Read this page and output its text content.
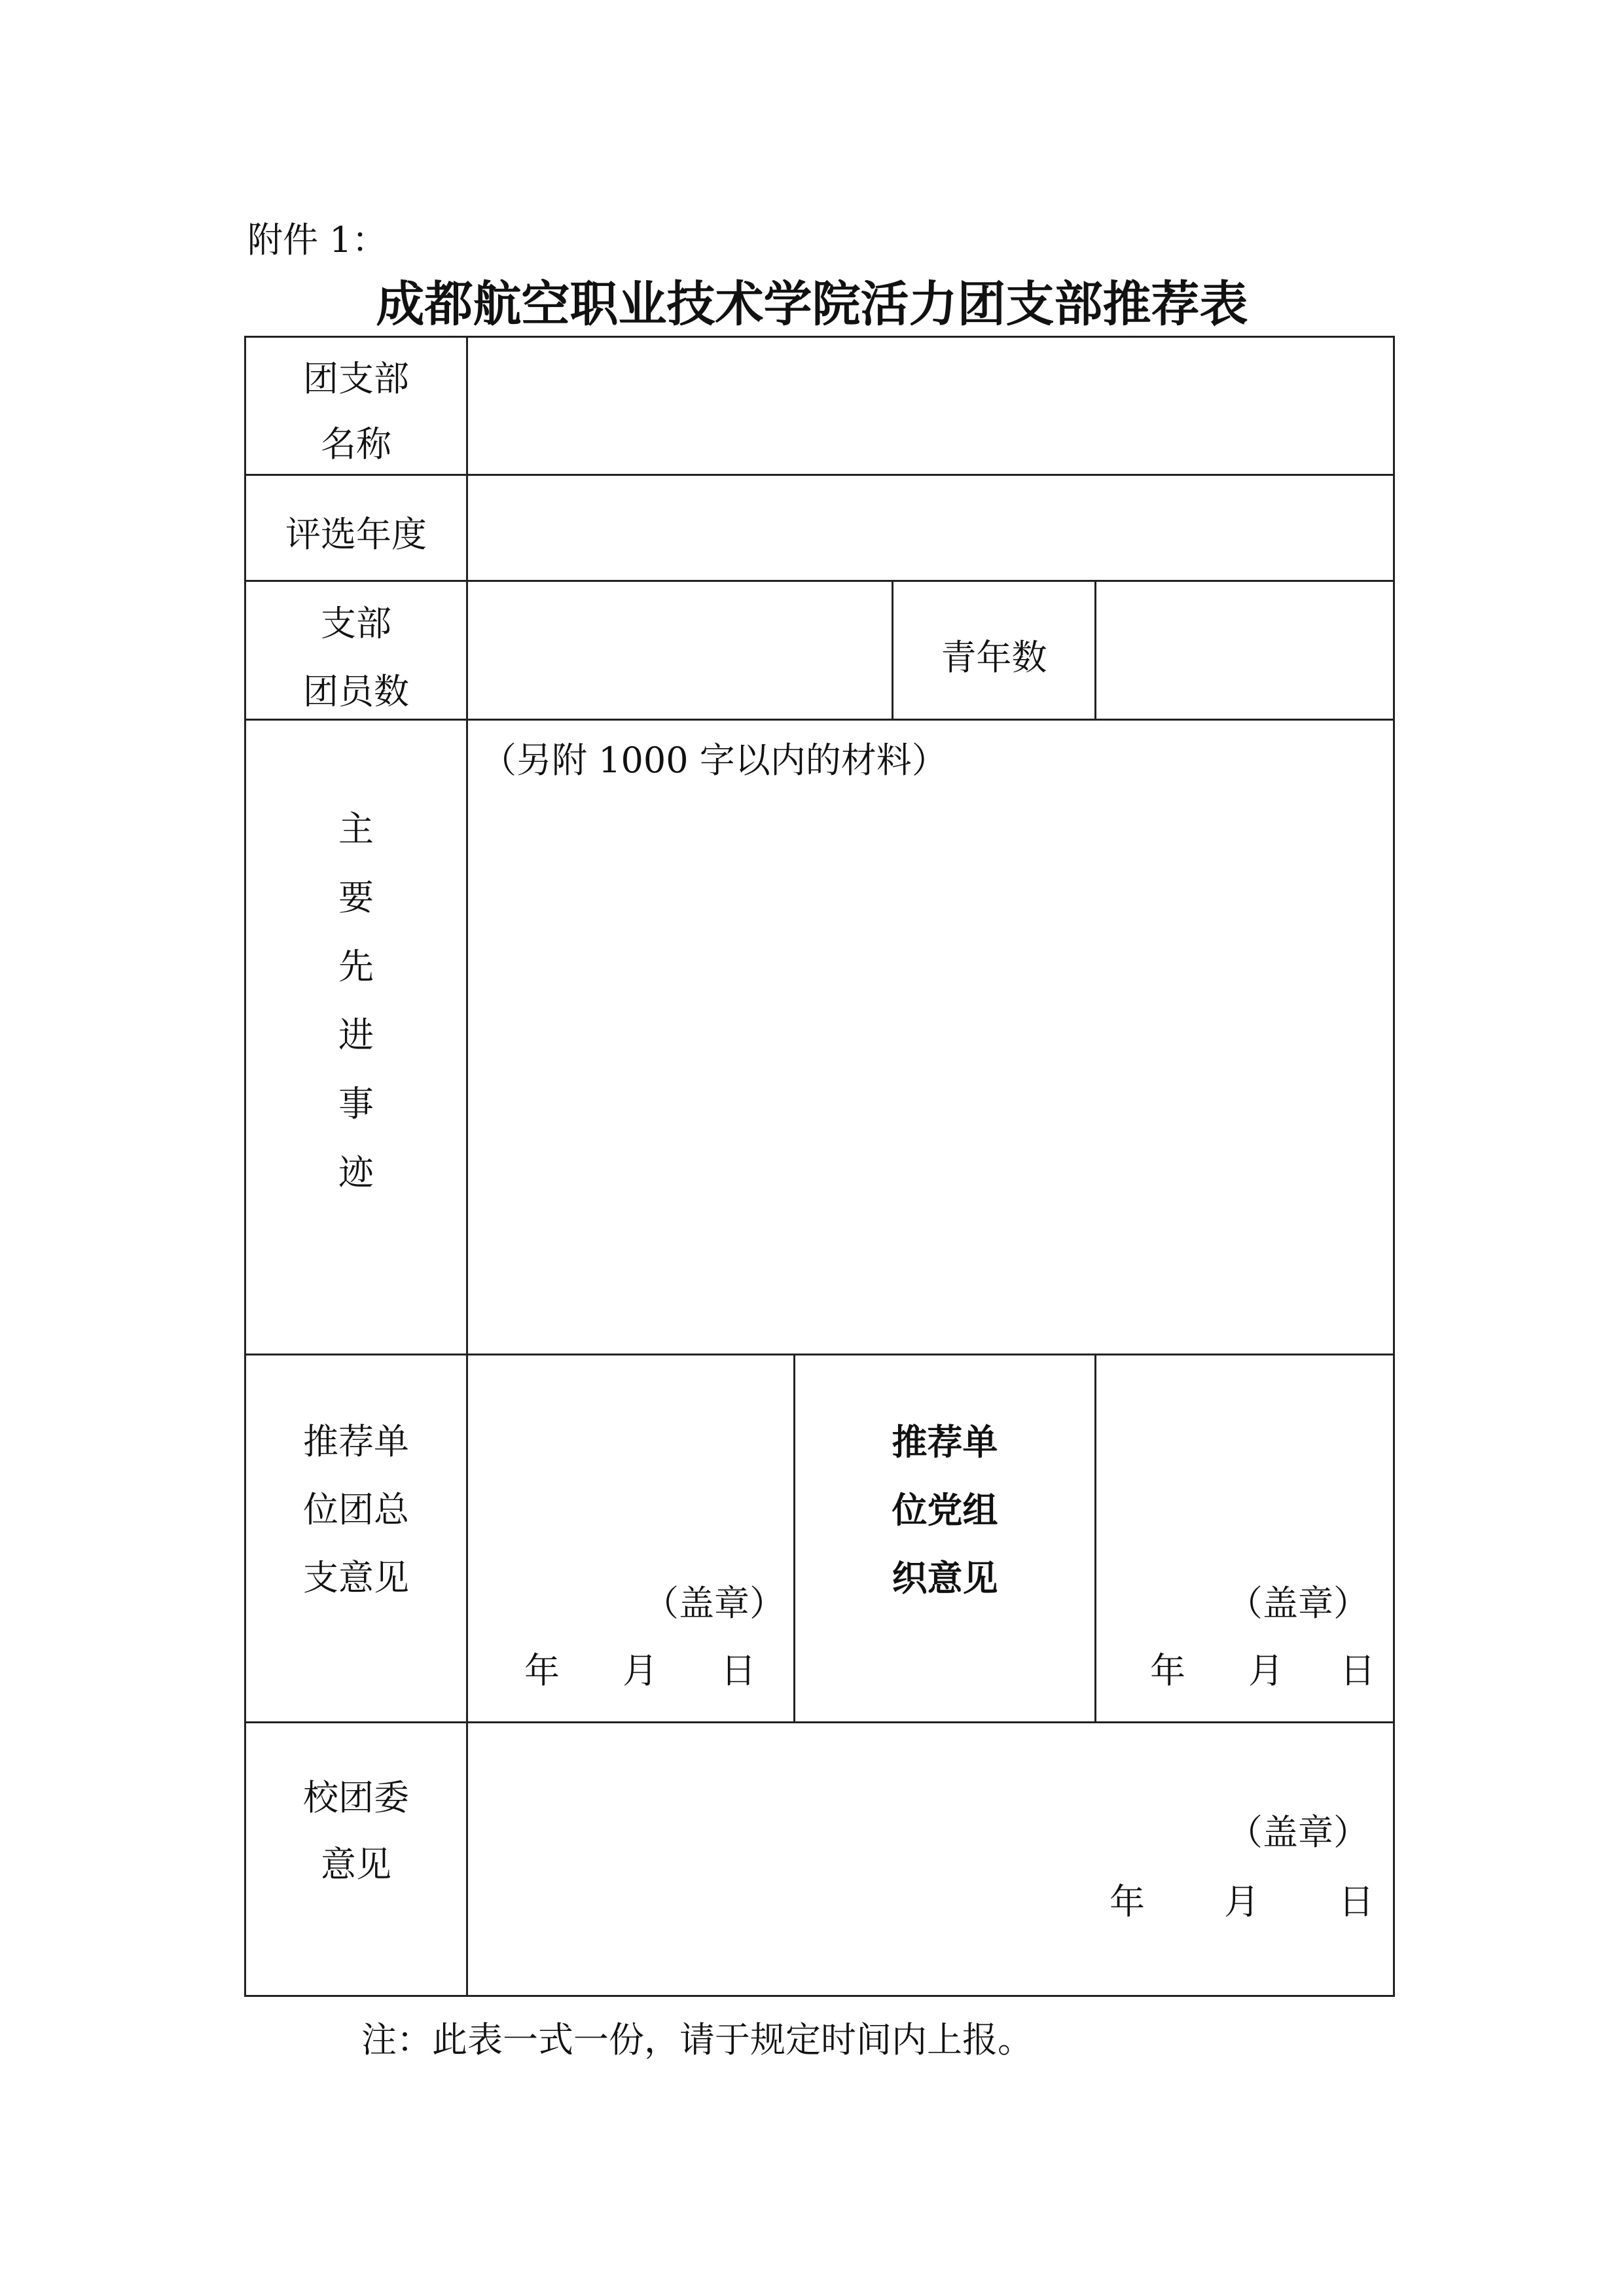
附件 1：
成都航空职业技术学院活力团支部推荐表
团支部
名称
评选年度
支部
团员数
青年数
主
要
先
进
事
迹
（另附 1000 字以内的材料）
推荐单
位团总
支意见
（盖章）
年 月 日
推荐单
位党组
织意见
（盖章）
年 月 日
校团委
意见
（盖章）
年 月 日
注：此表一式一份，请于规定时间内上报。
